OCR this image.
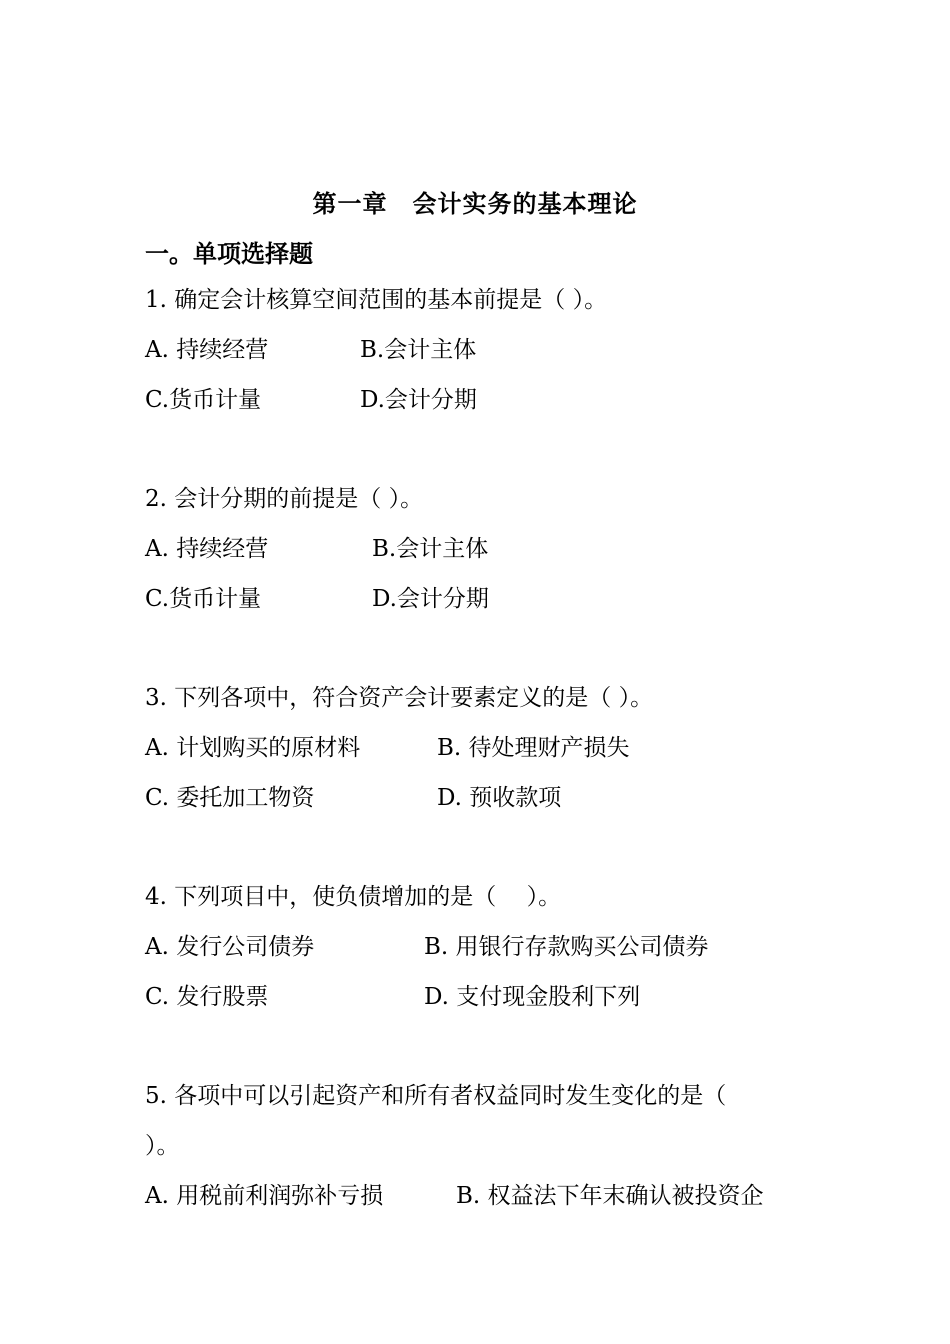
第一章　会计实务的基本理论
一。单项选择题
1. 确定会计核算空间范围的基本前提是（ ）。
A. 持续经营	B.会计主体
C.货币计量	D.会计分期
2. 会计分期的前提是（ ）。
A. 持续经营	B.会计主体
C.货币计量	D.会计分期
3. 下列各项中，符合资产会计要素定义的是（ ）。
A. 计划购买的原材料	B. 待处理财产损失
C. 委托加工物资	D. 预收款项
4. 下列项目中，使负债增加的是（　 ）。
A. 发行公司债券	B. 用银行存款购买公司债券
C. 发行股票	D. 支付现金股利下列
5. 各项中可以引起资产和所有者权益同时发生变化的是（
）。
A. 用税前利润弥补亏损	B. 权益法下年末确认被投资企
